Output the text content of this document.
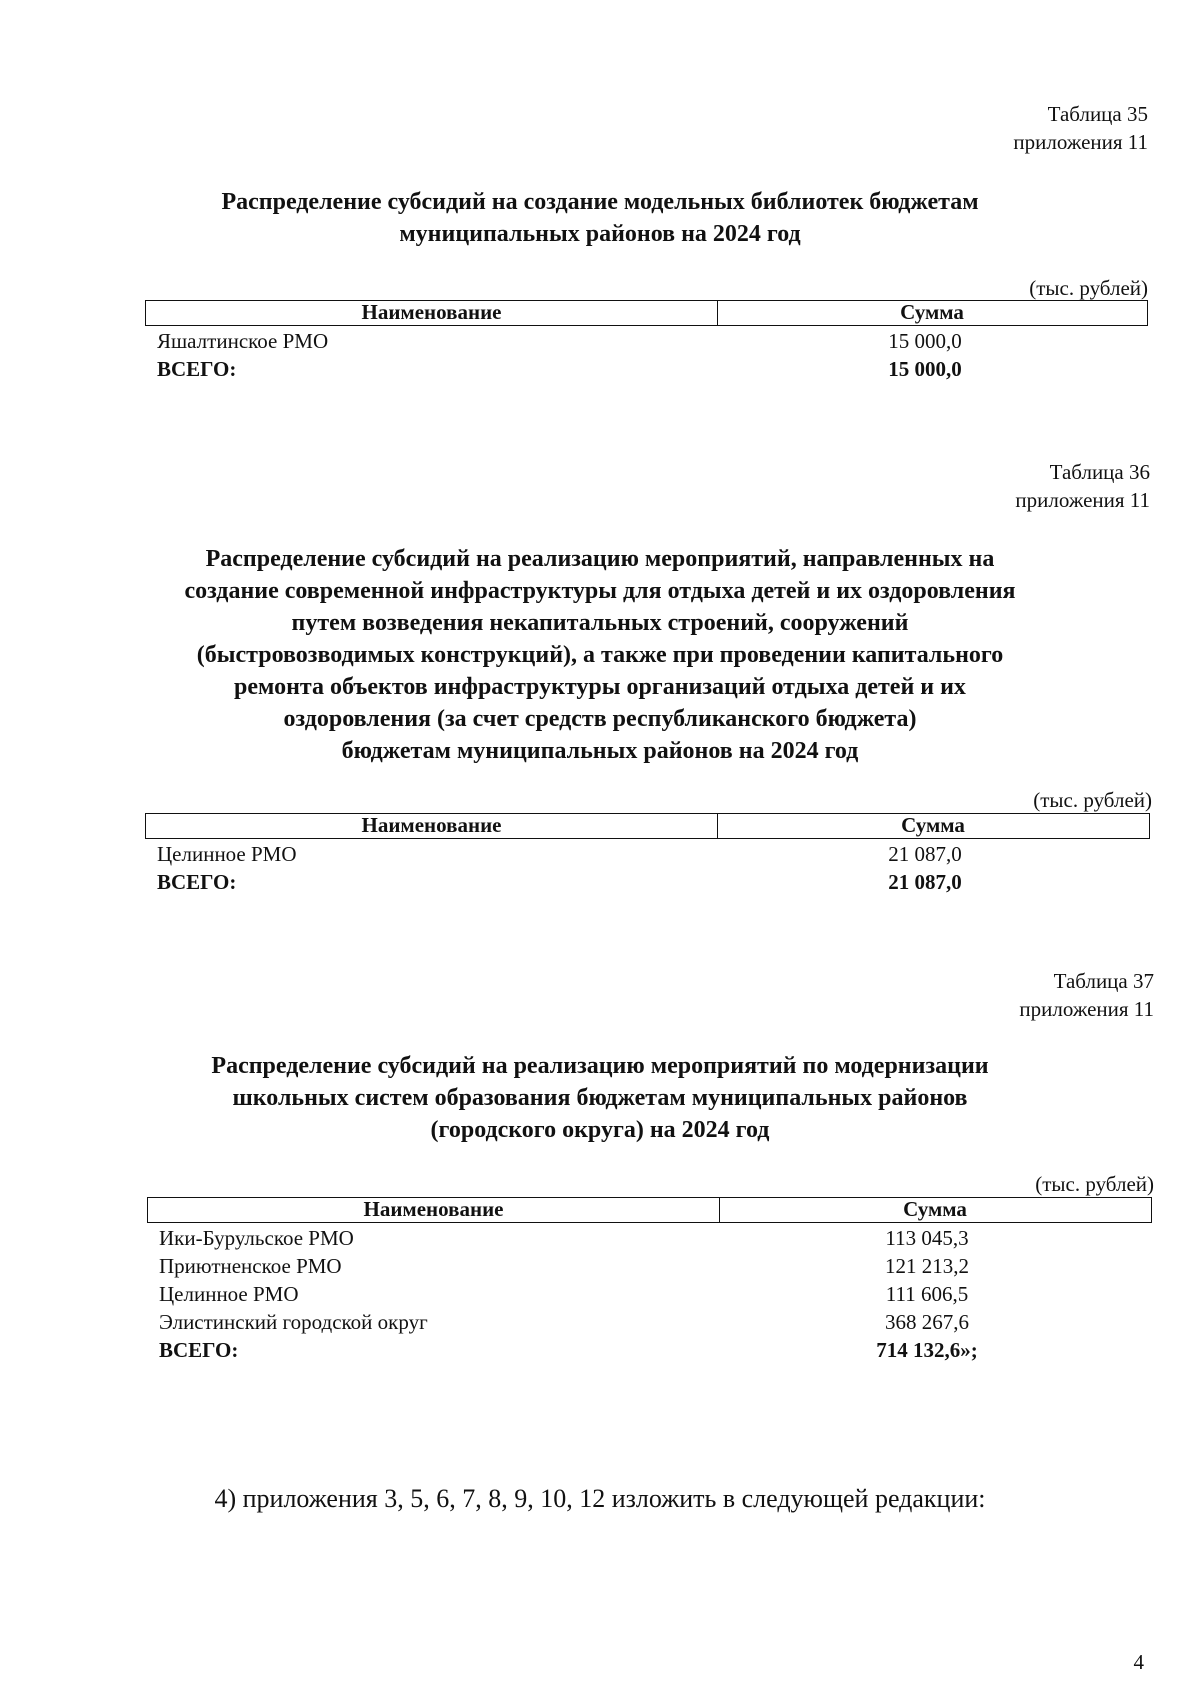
Таблица 35
приложения 11
Распределение субсидий на создание модельных библиотек бюджетам
муниципальных районов на 2024 год
(тыс. рублей)
Наименование	Сумма
Яшалтинское РМО	15 000,0
ВСЕГО:	15 000,0
Таблица 36
приложения 11
Распределение субсидий на реализацию мероприятий, направленных на
создание современной инфраструктуры для отдыха детей и их оздоровления
путем возведения некапитальных строений, сооружений
(быстровозводимых конструкций), а также при проведении капитального
ремонта объектов инфраструктуры организаций отдыха детей и их
оздоровления (за счет средств республиканского бюджета)
бюджетам муниципальных районов на 2024 год
(тыс. рублей)
Наименование	Сумма
Целинное РМО	21 087,0
ВСЕГО:	21 087,0
Таблица 37
приложения 11
Распределение субсидий на реализацию мероприятий по модернизации
школьных систем образования бюджетам муниципальных районов
(городского округа) на 2024 год
(тыс. рублей)
Наименование	Сумма
Ики-Бурульское РМО	113 045,3
Приютненское РМО	121 213,2
Целинное РМО	111 606,5
Элистинский городской округ	368 267,6
ВСЕГО:	714 132,6»;
4) приложения 3, 5, 6, 7, 8, 9, 10, 12 изложить в следующей редакции:
4
